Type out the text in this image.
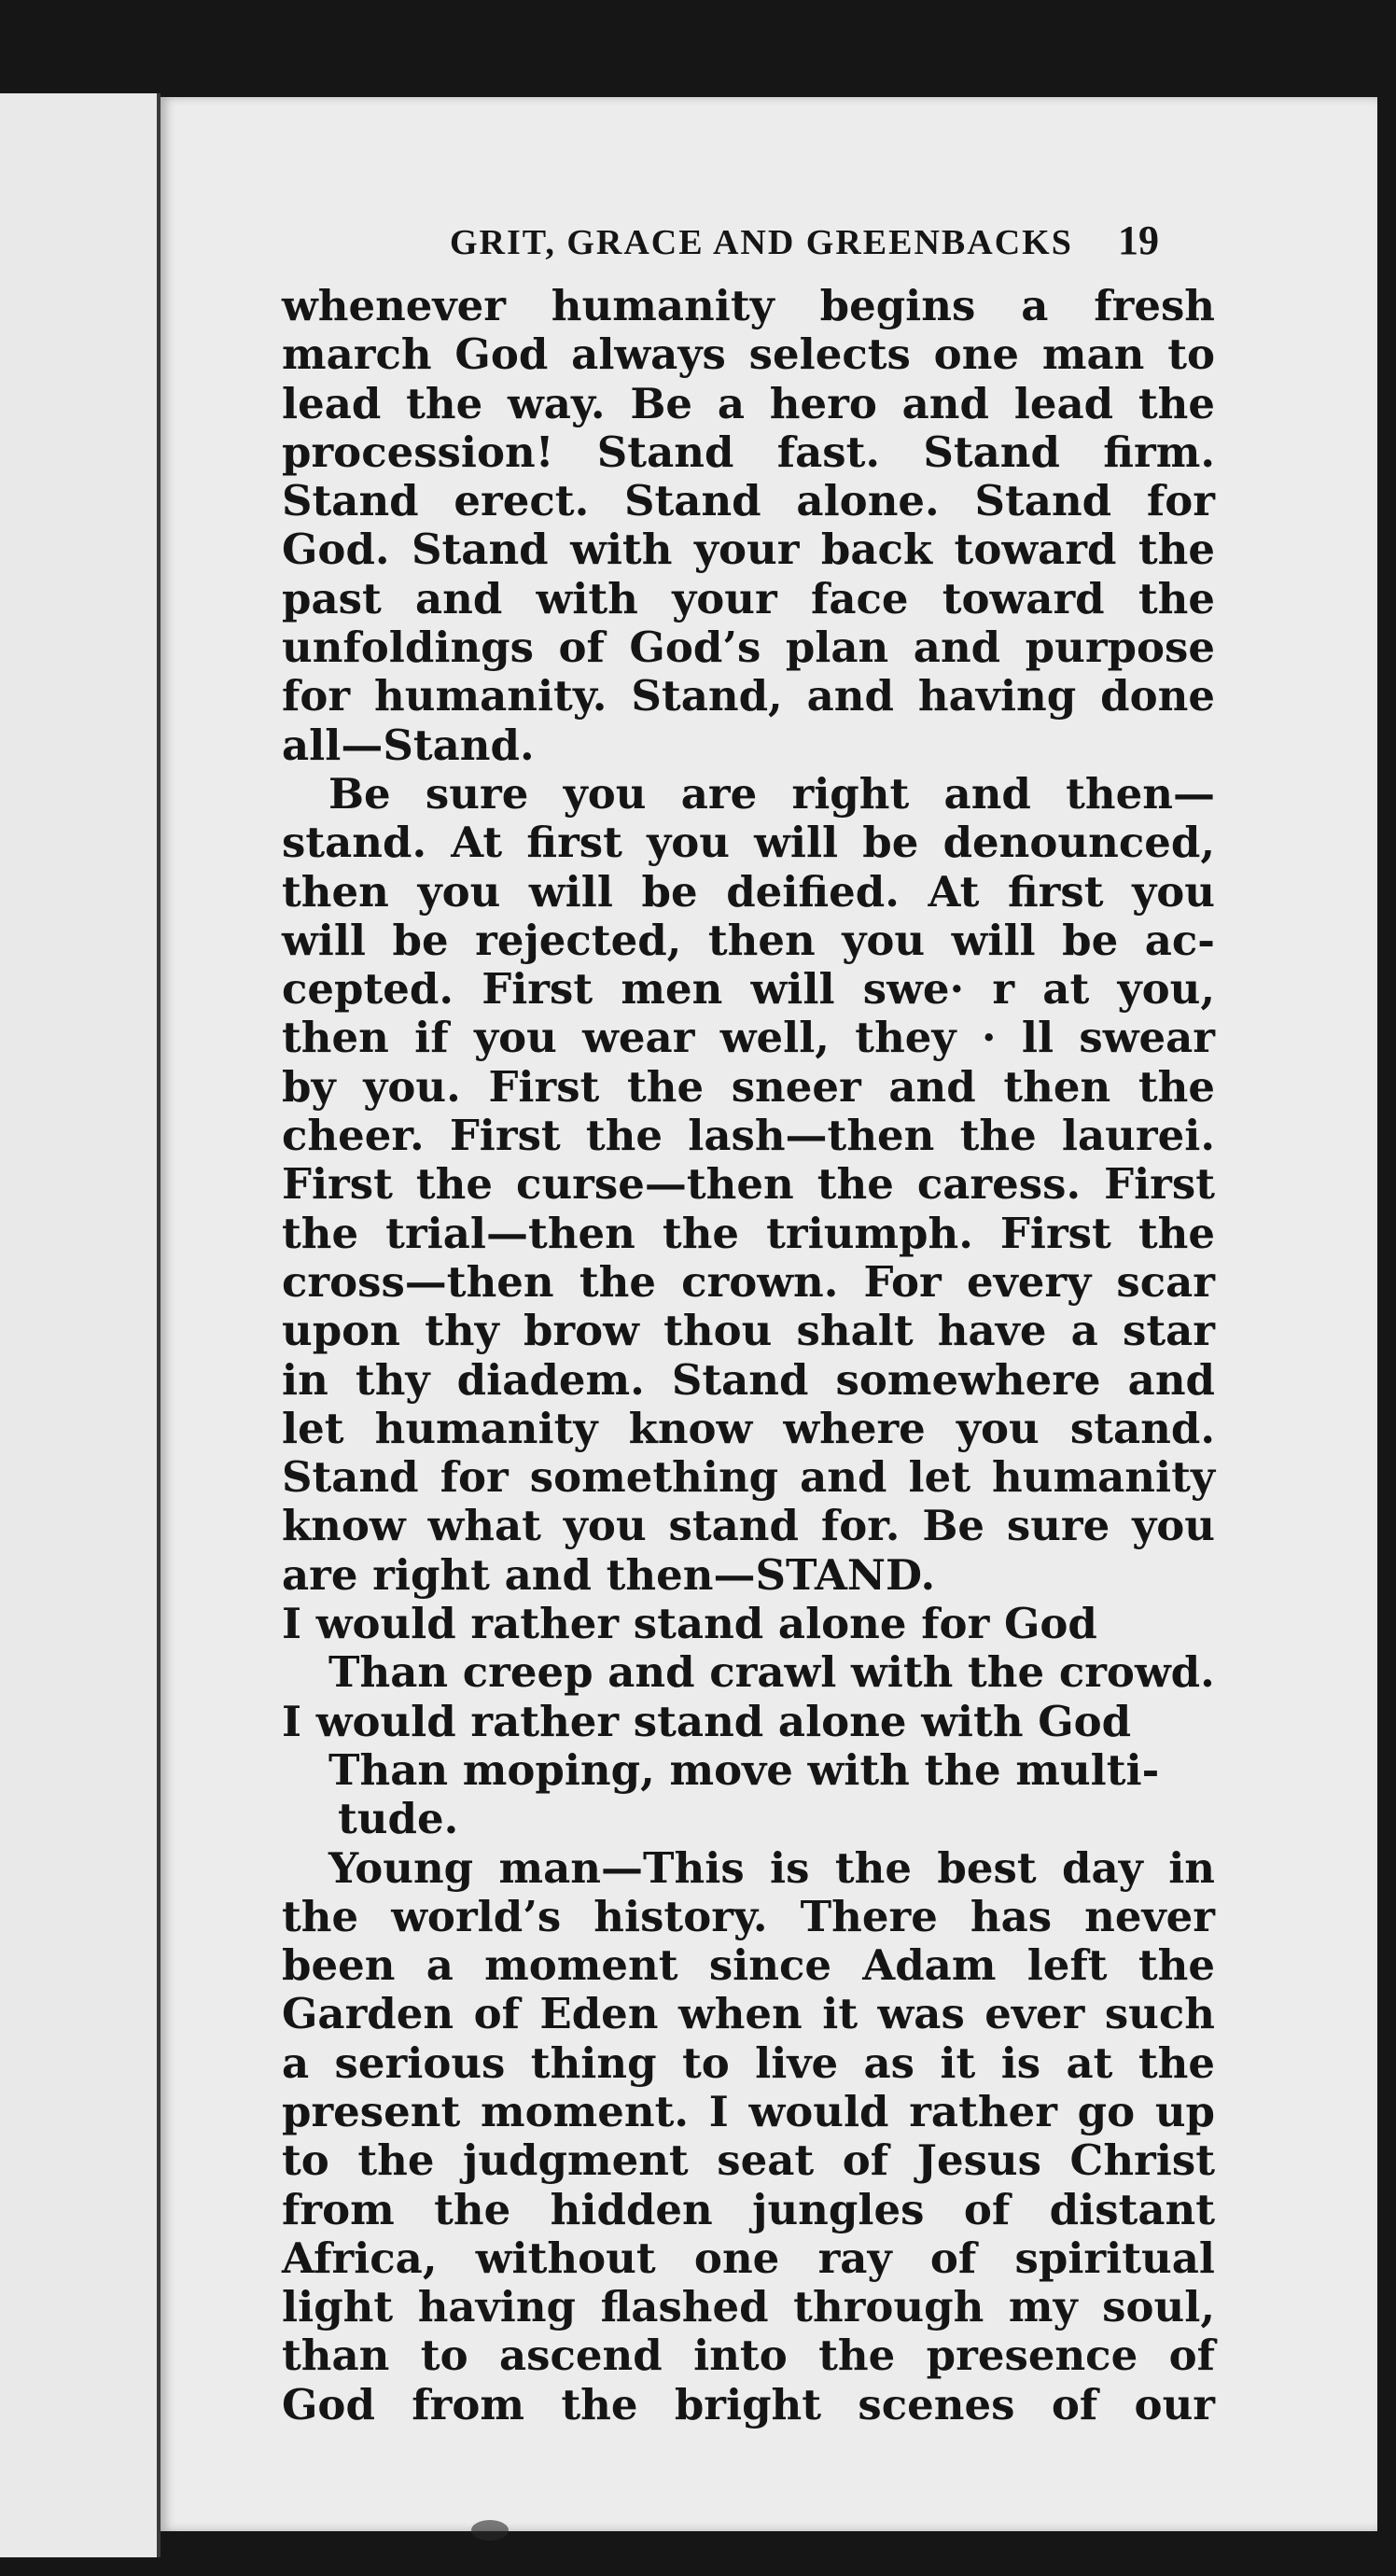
GRIT, GRACE AND GREENBACKS 19
whenever humanity begins a fresh
march God always selects one man to
lead the way. Be a hero and lead the
procession! Stand fast. Stand firm.
Stand erect. Stand alone. Stand for
God. Stand with your back toward the
past and with your face toward the
unfoldings of God’s plan and purpose
for humanity. Stand, and having done
all—Stand.
Be sure you are right and then—
stand. At first you will be denounced,
then you will be deified. At first you
will be rejected, then you will be ac-
cepted. First men will swe· r at you,
then if you wear well, they · ll swear
by you. First the sneer and then the
cheer. First the lash—then the laurei.
First the curse—then the caress. First
the trial—then the triumph. First the
cross—then the crown. For every scar
upon thy brow thou shalt have a star
in thy diadem. Stand somewhere and
let humanity know where you stand.
Stand for something and let humanity
know what you stand for. Be sure you
are right and then—STAND.
I would rather stand alone for God
Than creep and crawl with the crowd.
I would rather stand alone with God
Than moping, move with the multi-
tude.
Young man—This is the best day in
the world’s history. There has never
been a moment since Adam left the
Garden of Eden when it was ever such
a serious thing to live as it is at the
present moment. I would rather go up
to the judgment seat of Jesus Christ
from the hidden jungles of distant
Africa, without one ray of spiritual
light having flashed through my soul,
than to ascend into the presence of
God from the bright scenes of our
